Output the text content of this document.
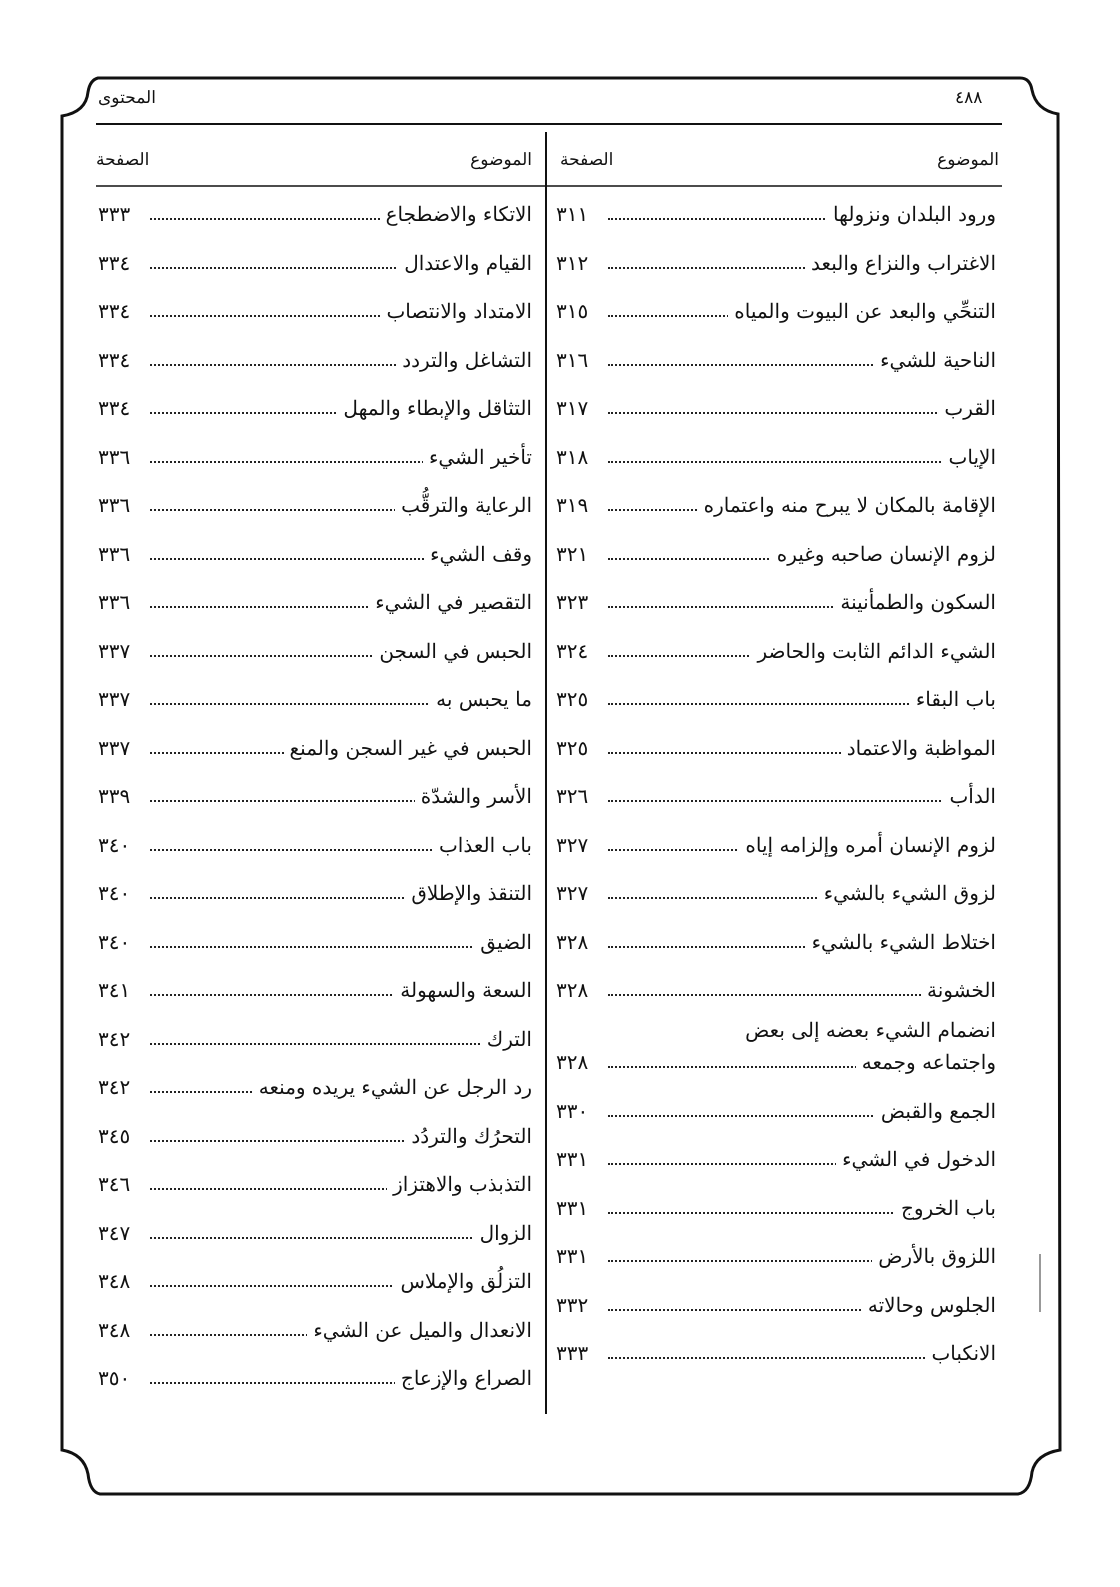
المحتوى	٤٨٨
الموضوع
الصفحة
الموضوع
الصفحة
ورود البلدان ونزولها
٣١١
الاغتراب والنزاع والبعد
٣١٢
التنحِّي والبعد عن البيوت والمياه
٣١٥
الناحية للشيء
٣١٦
القرب
٣١٧
الإياب
٣١٨
الإقامة بالمكان لا يبرح منه واعتماره
٣١٩
لزوم الإنسان صاحبه وغيره
٣٢١
السكون والطمأنينة
٣٢٣
الشيء الدائم الثابت والحاضر
٣٢٤
باب البقاء
٣٢٥
المواظبة والاعتماد
٣٢٥
الدأب
٣٢٦
لزوم الإنسان أمره وإلزامه إياه
٣٢٧
لزوق الشيء بالشيء
٣٢٧
اختلاط الشيء بالشيء
٣٢٨
الخشونة
٣٢٨
انضمام الشيء بعضه إلى بعض
واجتماعه وجمعه
٣٢٨
الجمع والقبض
٣٣٠
الدخول في الشيء
٣٣١
باب الخروج
٣٣١
اللزوق بالأرض
٣٣١
الجلوس وحالاته
٣٣٢
الانكباب
٣٣٣
الاتكاء والاضطجاع
٣٣٣
القيام والاعتدال
٣٣٤
الامتداد والانتصاب
٣٣٤
التشاغل والتردد
٣٣٤
التثاقل والإبطاء والمهل
٣٣٤
تأخير الشيء
٣٣٦
الرعاية والترقُّب
٣٣٦
وقف الشيء
٣٣٦
التقصير في الشيء
٣٣٦
الحبس في السجن
٣٣٧
ما يحبس به
٣٣٧
الحبس في غير السجن والمنع
٣٣٧
الأسر والشدّة
٣٣٩
باب العذاب
٣٤٠
التنقذ والإطلاق
٣٤٠
الضيق
٣٤٠
السعة والسهولة
٣٤١
الترك
٣٤٢
رد الرجل عن الشيء يريده ومنعه
٣٤٢
التحرُك والتردُد
٣٤٥
التذبذب والاهتزاز
٣٤٦
الزوال
٣٤٧
التزلُق والإملاس
٣٤٨
الانعدال والميل عن الشيء
٣٤٨
الصراع والإزعاج
٣٥٠
